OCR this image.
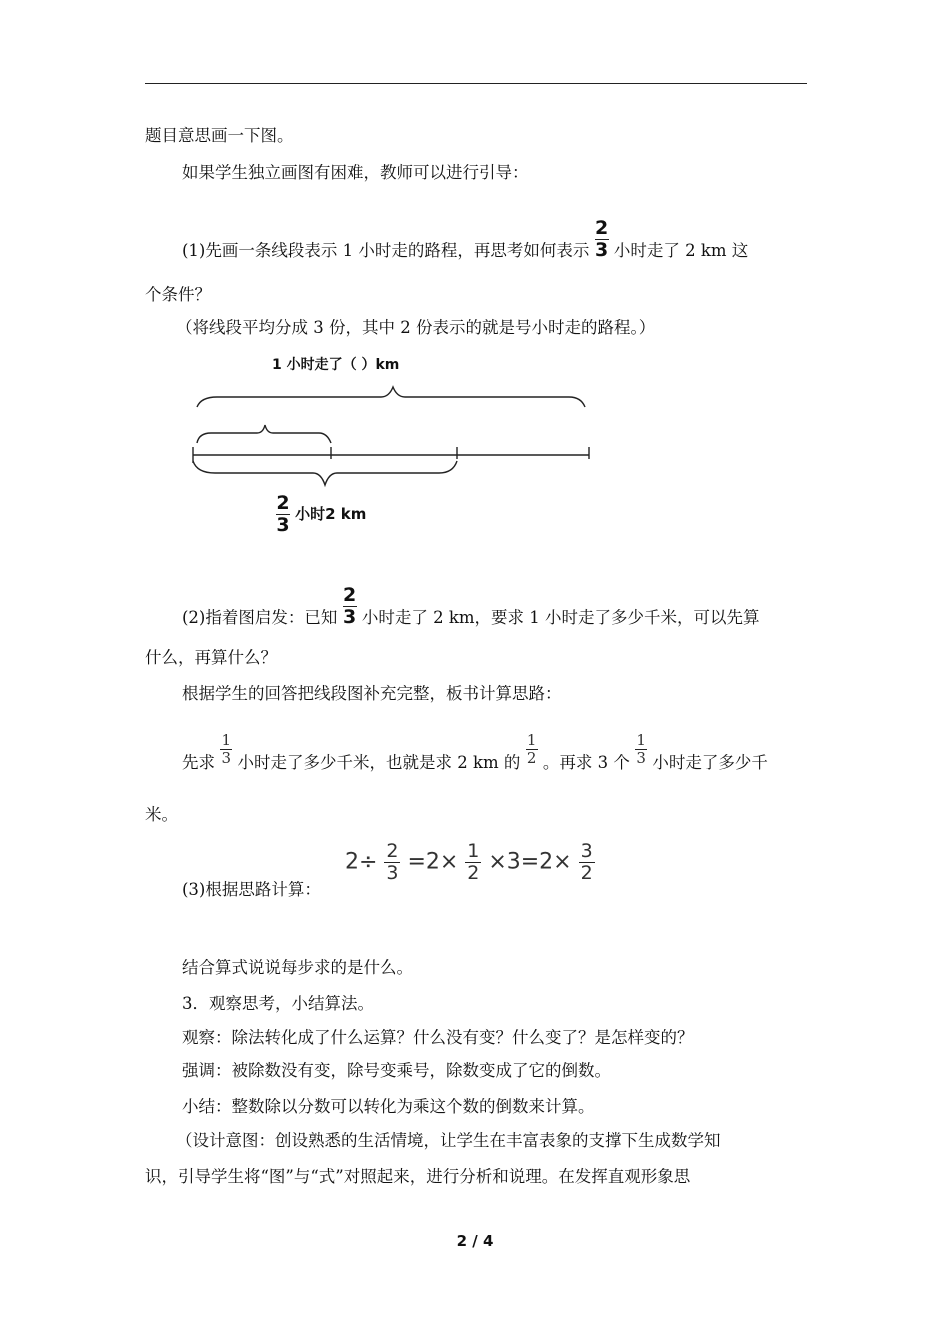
题目意思画一下图。
如果学生独立画图有困难，教师可以进行引导：
(1)先画一条线段表示 1 小时走的路程，再思考如何表示 $\frac{2}{3}$ 小时走了 2 km 这
个条件？
（将线段平均分成 3 份，其中 2 份表示的就是号小时走的路程。）
1 小时走了（ ）km
$\frac{2}{3}$ 小时2 km
(2)指着图启发：已知 $\frac{2}{3}$ 小时走了 2 km，要求 1 小时走了多少千米，可以先算
什么，再算什么？
根据学生的回答把线段图补充完整，板书计算思路：
先求 $\frac{1}{3}$ 小时走了多少千米，也就是求 2 km 的 $\frac{1}{2}$ 。再求 3 个 $\frac{1}{3}$ 小时走了多少千
米。
(3)根据思路计算：
$2\div \frac{2}{3} =2\times \frac{1}{2} \times 3=2\times \frac{3}{2}$
结合算式说说每步求的是什么。
3．观察思考，小结算法。
观察：除法转化成了什么运算？什么没有变？什么变了？是怎样变的？
强调：被除数没有变，除号变乘号，除数变成了它的倒数。
小结：整数除以分数可以转化为乘这个数的倒数来计算。
（设计意图：创设熟悉的生活情境，让学生在丰富表象的支撑下生成数学知
识，引导学生将“图”与“式”对照起来，进行分析和说理。在发挥直观形象思
2 / 4
